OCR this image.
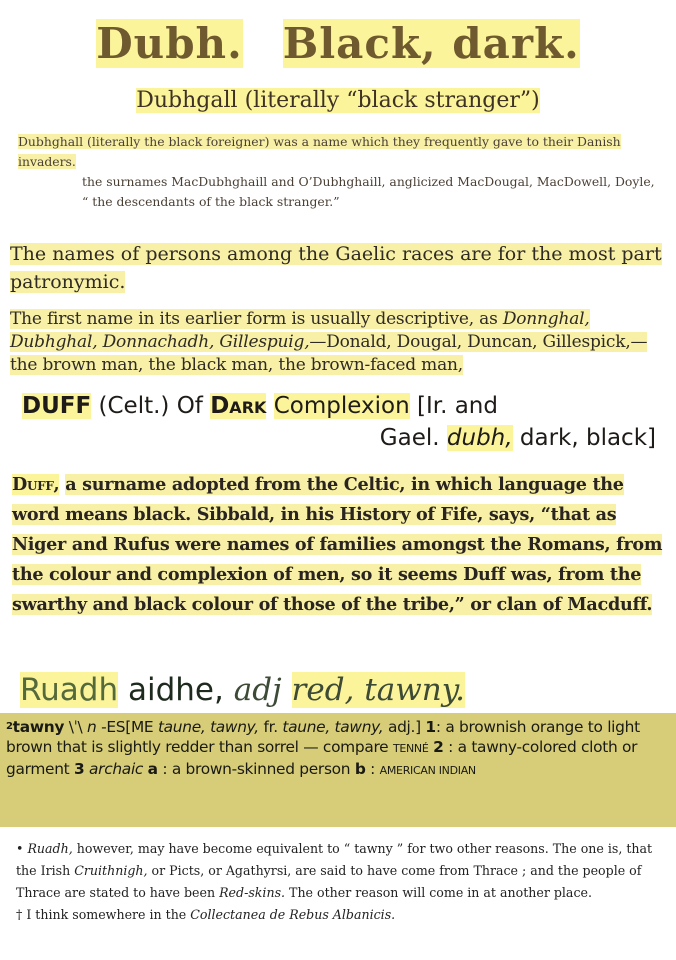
Dubh. Black, dark.
Dubhgall (literally “black stranger”)

Dubhghall (literally the black foreigner) was a name which they frequently gave to their Danish invaders.

the surnames MacDubhghaill and O’Dubhghaill, anglicized MacDougal, MacDowell, Doyle, “ the descendants of the black stranger.”

The names of persons among the Gaelic races are for the most part patronymic.
The first name in its earlier form is usually descriptive, as Donnghal, Dubhghal, Donnachadh, Gillespuig,—Donald, Dougal, Duncan, Gillespick,—the brown man, the black man, the brown-faced man,
DUFF (Celt.) Of Dark Complexion [Ir. and
Gael. dubh, dark, black]
Duff, a surname adopted from the Celtic, in which language the word means black. Sibbald, in his History of Fife, says, “that as Niger and Rufus were names of families amongst the Romans, from the colour and complexion of men, so it seems Duff was, from the swarthy and black colour of those of the tribe,” or clan of Macduff.
Ruadh aidhe, adj red, tawny.
$^2$tawny \ˈ\ n -ES[ME taune, tawny, fr. taune, tawny, adj.] 1: a brownish orange to light brown that is slightly redder than sorrel — compare TENNÉ 2 : a tawny-colored cloth or garment 3 archaic a : a brown-skinned person b : AMERICAN INDIAN

• Ruadh, however, may have become equivalent to “ tawny ” for two other reasons. The one is, that the Irish Cruithnigh, or Picts, or Agathyrsi, are said to have come from Thrace ; and the people of Thrace are stated to have been Red-skins. The other reason will come in at another place.

† I think somewhere in the Collectanea de Rebus Albanicis.
